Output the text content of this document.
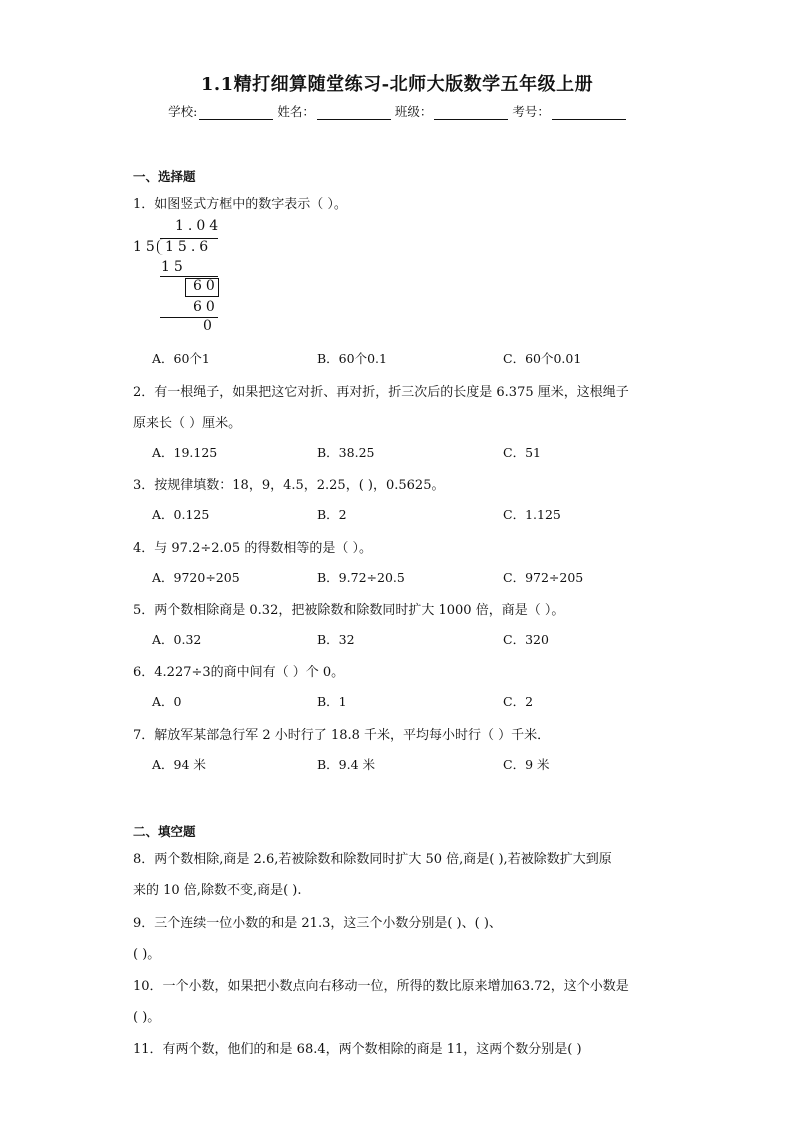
1.1精打细算随堂练习-北师大版数学五年级上册
学校:	姓名：	班级：	考号：
一、选择题
1．如图竖式方框中的数字表示（ ）。
1.04
15 15.6
15
60
60
0
A．60个1	B．60个0.1	C．60个0.01
2．有一根绳子，如果把这它对折、再对折，折三次后的长度是 6.375 厘米，这根绳子
原来长（ ）厘米。
A．19.125	B．38.25	C．51
3．按规律填数：18，9，4.5，2.25，( )，0.5625。
A．0.125	B．2	C．1.125
4．与 97.2÷2.05 的得数相等的是（ ）。
A．9720÷205	B．9.72÷20.5	C．972÷205
5．两个数相除商是 0.32，把被除数和除数同时扩大 1000 倍，商是（ ）。
A．0.32	B．32	C．320
6．4.227÷3的商中间有（ ）个 0。
A．0	B．1	C．2
7．解放军某部急行军 2 小时行了 18.8 千米，平均每小时行（ ）千米．
A．94 米	B．9.4 米	C．9 米
二、填空题
8．两个数相除,商是 2.6,若被除数和除数同时扩大 50 倍,商是( ),若被除数扩大到原
来的 10 倍,除数不变,商是( ).
9．三个连续一位小数的和是 21.3，这三个小数分别是( )、( )、
( )。
10．一个小数，如果把小数点向右移动一位，所得的数比原来增加63.72，这个小数是
( )。
11．有两个数，他们的和是 68.4，两个数相除的商是 11，这两个数分别是( )
